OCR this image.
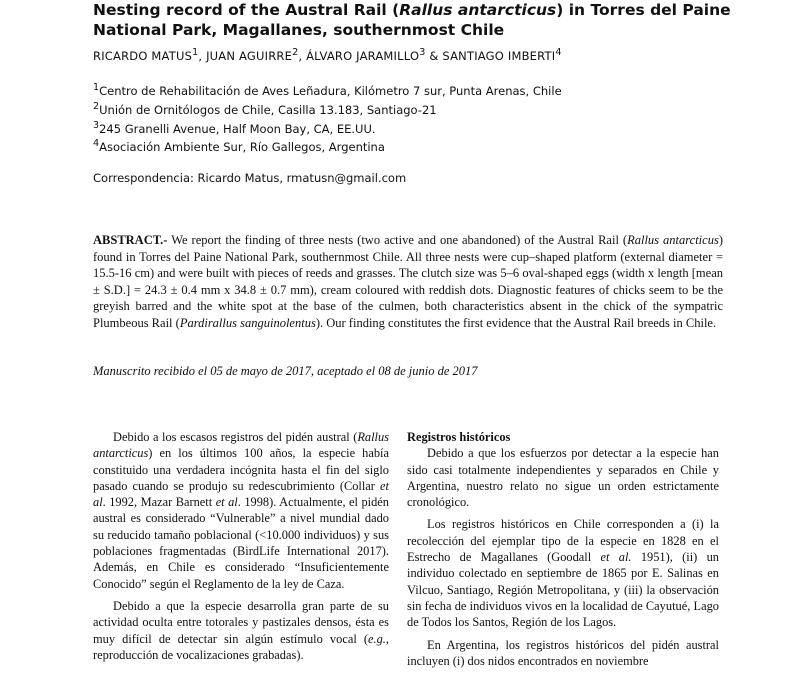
Nesting record of the Austral Rail (Rallus antarcticus) in Torres del Paine National Park, Magallanes, southernmost Chile
RICARDO MATUS$^1$, JUAN AGUIRRE$^2$, ÁLVARO JARAMILLO$^3$ & SANTIAGO IMBERTI$^4$
$^1$Centro de Rehabilitación de Aves Leñadura, Kilómetro 7 sur, Punta Arenas, Chile
$^2$Unión de Ornitólogos de Chile, Casilla 13.183, Santiago-21
$^3$245 Granelli Avenue, Half Moon Bay, CA, EE.UU.
$^4$Asociación Ambiente Sur, Río Gallegos, Argentina
Correspondencia: Ricardo Matus, rmatusn@gmail.com
ABSTRACT.- We report the finding of three nests (two active and one abandoned) of the Austral Rail (Rallus antarcticus) found in Torres del Paine National Park, southernmost Chile. All three nests were cup–shaped platform (external diameter = 15.5-16 cm) and were built with pieces of reeds and grasses. The clutch size was 5–6 oval-shaped eggs (width x length [mean ± S.D.] = 24.3 ± 0.4 mm x 34.8 ± 0.7 mm), cream coloured with reddish dots. Diagnostic features of chicks seem to be the greyish barred and the white spot at the base of the culmen, both characteristics absent in the chick of the sympatric Plumbeous Rail (Pardirallus sanguinolentus). Our finding constitutes the first evidence that the Austral Rail breeds in Chile.
Manuscrito recibido el 05 de mayo de 2017, aceptado el 08 de junio de 2017

Debido a los escasos registros del pidén austral (Rallus antarcticus) en los últimos 100 años, la especie había constituido una verdadera incógnita hasta el fin del siglo pasado cuando se produjo su redescubrimiento (Collar et al. 1992, Mazar Barnett et al. 1998). Actualmente, el pidén austral es considerado “Vulnerable” a nivel mundial dado su reducido tamaño poblacional (<10.000 individuos) y sus poblaciones fragmentadas (BirdLife International 2017). Además, en Chile es considerado “Insuficientemente Conocido” según el Reglamento de la ley de Caza.

Debido a que la especie desarrolla gran parte de su actividad oculta entre totorales y pastizales densos, ésta es muy difícil de detectar sin algún estímulo vocal (e.g., reproducción de vocalizaciones grabadas).

Registros históricos

Debido a que los esfuerzos por detectar a la especie han sido casi totalmente independientes y separados en Chile y Argentina, nuestro relato no sigue un orden estrictamente cronológico.

Los registros históricos en Chile corresponden a (i) la recolección del ejemplar tipo de la especie en 1828 en el Estrecho de Magallanes (Goodall et al. 1951), (ii) un individuo colectado en septiembre de 1865 por E. Salinas en Vilcuo, Santiago, Región Metropolitana, y (iii) la observación sin fecha de individuos vivos en la localidad de Cayutué, Lago de Todos los Santos, Región de los Lagos.

En Argentina, los registros históricos del pidén austral incluyen (i) dos nidos encontrados en noviembre
